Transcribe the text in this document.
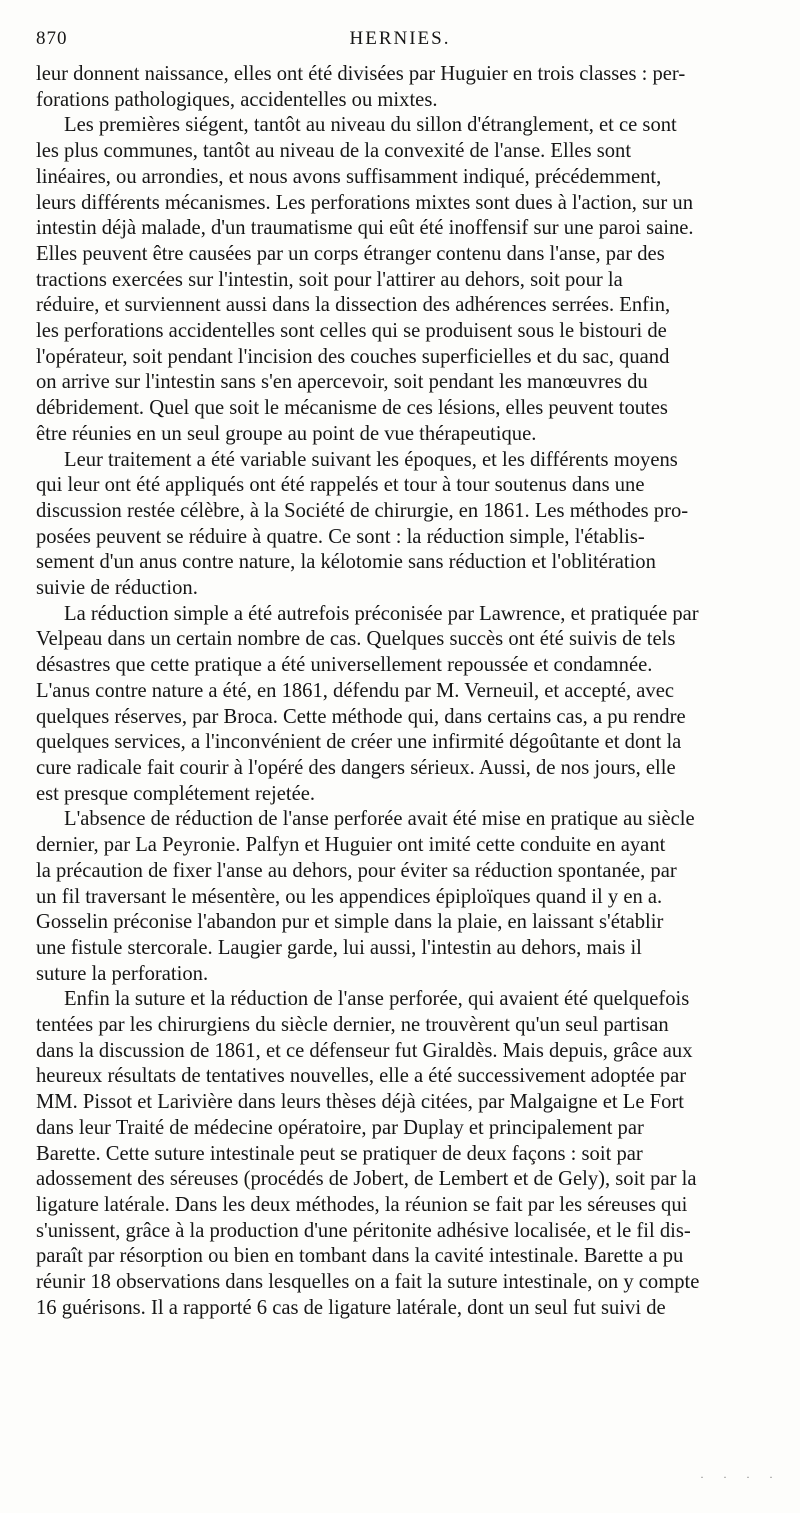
870	HERNIES.

leur donnent naissance, elles ont été divisées par Huguier en trois classes : per-
forations pathologiques, accidentelles ou mixtes.

Les premières siégent, tantôt au niveau du sillon d'étranglement, et ce sont
les plus communes, tantôt au niveau de la convexité de l'anse. Elles sont
linéaires, ou arrondies, et nous avons suffisamment indiqué, précédemment,
leurs différents mécanismes. Les perforations mixtes sont dues à l'action, sur un
intestin déjà malade, d'un traumatisme qui eût été inoffensif sur une paroi saine.
Elles peuvent être causées par un corps étranger contenu dans l'anse, par des
tractions exercées sur l'intestin, soit pour l'attirer au dehors, soit pour la
réduire, et surviennent aussi dans la dissection des adhérences serrées. Enfin,
les perforations accidentelles sont celles qui se produisent sous le bistouri de
l'opérateur, soit pendant l'incision des couches superficielles et du sac, quand
on arrive sur l'intestin sans s'en apercevoir, soit pendant les manœuvres du
débridement. Quel que soit le mécanisme de ces lésions, elles peuvent toutes
être réunies en un seul groupe au point de vue thérapeutique.

Leur traitement a été variable suivant les époques, et les différents moyens
qui leur ont été appliqués ont été rappelés et tour à tour soutenus dans une
discussion restée célèbre, à la Société de chirurgie, en 1861. Les méthodes pro-
posées peuvent se réduire à quatre. Ce sont : la réduction simple, l'établis-
sement d'un anus contre nature, la kélotomie sans réduction et l'oblitération
suivie de réduction.

La réduction simple a été autrefois préconisée par Lawrence, et pratiquée par
Velpeau dans un certain nombre de cas. Quelques succès ont été suivis de tels
désastres que cette pratique a été universellement repoussée et condamnée.
L'anus contre nature a été, en 1861, défendu par M. Verneuil, et accepté, avec
quelques réserves, par Broca. Cette méthode qui, dans certains cas, a pu rendre
quelques services, a l'inconvénient de créer une infirmité dégoûtante et dont la
cure radicale fait courir à l'opéré des dangers sérieux. Aussi, de nos jours, elle
est presque complétement rejetée.

L'absence de réduction de l'anse perforée avait été mise en pratique au siècle
dernier, par La Peyronie. Palfyn et Huguier ont imité cette conduite en ayant
la précaution de fixer l'anse au dehors, pour éviter sa réduction spontanée, par
un fil traversant le mésentère, ou les appendices épiploïques quand il y en a.
Gosselin préconise l'abandon pur et simple dans la plaie, en laissant s'établir
une fistule stercorale. Laugier garde, lui aussi, l'intestin au dehors, mais il
suture la perforation.

Enfin la suture et la réduction de l'anse perforée, qui avaient été quelquefois
tentées par les chirurgiens du siècle dernier, ne trouvèrent qu'un seul partisan
dans la discussion de 1861, et ce défenseur fut Giraldès. Mais depuis, grâce aux
heureux résultats de tentatives nouvelles, elle a été successivement adoptée par
MM. Pissot et Larivière dans leurs thèses déjà citées, par Malgaigne et Le Fort
dans leur Traité de médecine opératoire, par Duplay et principalement par
Barette. Cette suture intestinale peut se pratiquer de deux façons : soit par
adossement des séreuses (procédés de Jobert, de Lembert et de Gely), soit par la
ligature latérale. Dans les deux méthodes, la réunion se fait par les séreuses qui
s'unissent, grâce à la production d'une péritonite adhésive localisée, et le fil dis-
paraît par résorption ou bien en tombant dans la cavité intestinale. Barette a pu
réunir 18 observations dans lesquelles on a fait la suture intestinale, on y compte
16 guérisons. Il a rapporté 6 cas de ligature latérale, dont un seul fut suivi de

· · · ·
